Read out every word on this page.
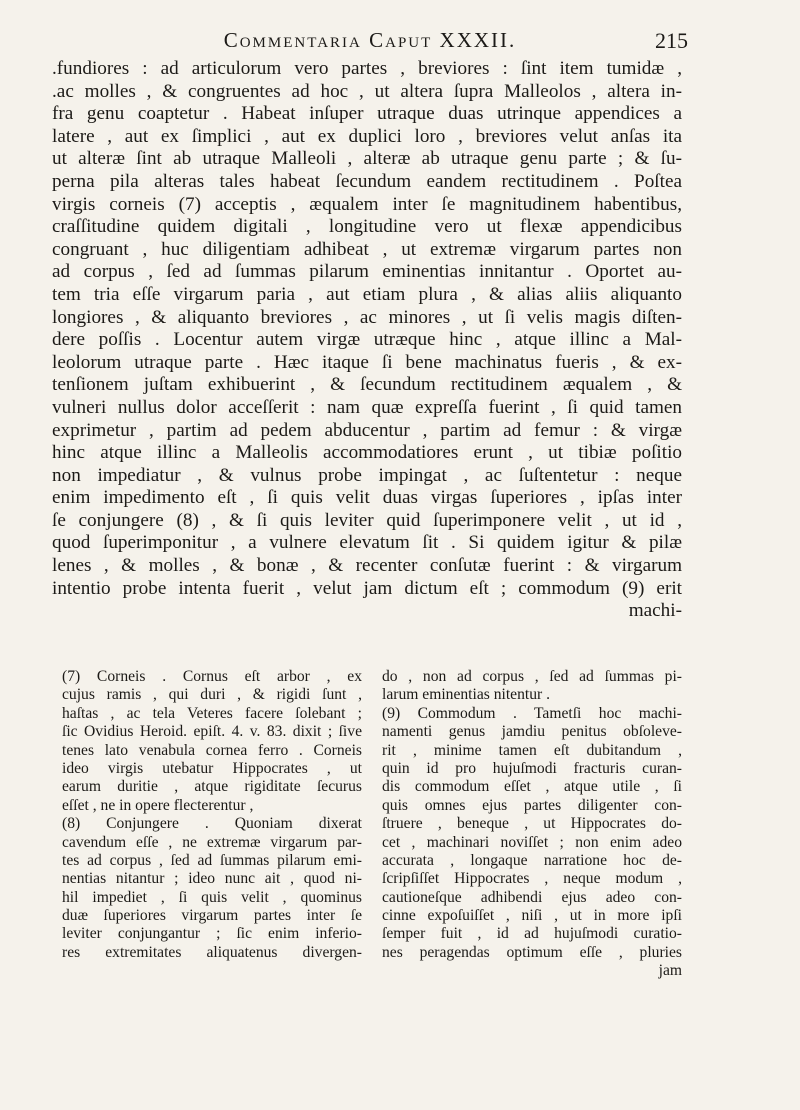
Commentaria Caput XXXII.	215
.fundiores : ad articulorum vero partes , breviores : ſint item tumidæ ,
.ac molles , & congruentes ad hoc , ut altera ſupra Malleolos , altera in-
fra genu coaptetur . Habeat inſuper utraque duas utrinque appendices a
latere , aut ex ſimplici , aut ex duplici loro , breviores velut anſas ita
ut alteræ ſint ab utraque Malleoli , alteræ ab utraque genu parte ; & ſu-
perna pila alteras tales habeat ſecundum eandem rectitudinem . Poſtea
virgis corneis (7) acceptis , æqualem inter ſe magnitudinem habentibus,
craſſitudine quidem digitali , longitudine vero ut flexæ appendicibus
congruant , huc diligentiam adhibeat , ut extremæ virgarum partes non
ad corpus , ſed ad ſummas pilarum eminentias innitantur . Oportet au-
tem tria eſſe virgarum paria , aut etiam plura , & alias aliis aliquanto
longiores , & aliquanto breviores , ac minores , ut ſi velis magis diſten-
dere poſſis . Locentur autem virgæ utræque hinc , atque illinc a Mal-
leolorum utraque parte . Hæc itaque ſi bene machinatus fueris , & ex-
tenſionem juſtam exhibuerint , & ſecundum rectitudinem æqualem , &
vulneri nullus dolor acceſſerit : nam quæ expreſſa fuerint , ſi quid tamen
exprimetur , partim ad pedem abducentur , partim ad femur : & virgæ
hinc atque illinc a Malleolis accommodatiores erunt , ut tibiæ poſitio
non impediatur , & vulnus probe impingat , ac ſuſtentetur : neque
enim impedimento eſt , ſi quis velit duas virgas ſuperiores , ipſas inter
ſe conjungere (8) , & ſi quis leviter quid ſuperimponere velit , ut id ,
quod ſuperimponitur , a vulnere elevatum ſit . Si quidem igitur & pilæ
lenes , & molles , & bonæ , & recenter conſutæ fuerint : & virgarum
intentio probe intenta fuerit , velut jam dictum eſt ; commodum (9) erit
machi-
(7) Corneis . Cornus eſt arbor , ex
cujus ramis , qui duri , & rigidi ſunt ,
haſtas , ac tela Veteres facere ſolebant ;
ſic Ovidius Heroid. epiſt. 4. v. 83. dixit ; ſive
tenes lato venabula cornea ferro . Corneis
ideo virgis utebatur Hippocrates , ut
earum duritie , atque rigiditate ſecurus
eſſet , ne in opere flecterentur ,
(8) Conjungere . Quoniam dixerat
cavendum eſſe , ne extremæ virgarum par-
tes ad corpus , ſed ad ſummas pilarum emi-
nentias nitantur ; ideo nunc ait , quod ni-
hil impediet , ſi quis velit , quominus
duæ ſuperiores virgarum partes inter ſe
leviter conjungantur ; ſic enim inferio-
res extremitates aliquatenus divergen-
do , non ad corpus , ſed ad ſummas pi-
larum eminentias nitentur .
(9) Commodum . Tametſi hoc machi-
namenti genus jamdiu penitus obſoleve-
rit , minime tamen eſt dubitandum ,
quin id pro hujuſmodi fracturis curan-
dis commodum eſſet , atque utile , ſi
quis omnes ejus partes diligenter con-
ſtruere , beneque , ut Hippocrates do-
cet , machinari noviſſet ; non enim adeo
accurata , longaque narratione hoc de-
ſcripſiſſet Hippocrates , neque modum ,
cautioneſque adhibendi ejus adeo con-
cinne expoſuiſſet , niſi , ut in more ipſi
ſemper fuit , id ad hujuſmodi curatio-
nes peragendas optimum eſſe , pluries
jam
